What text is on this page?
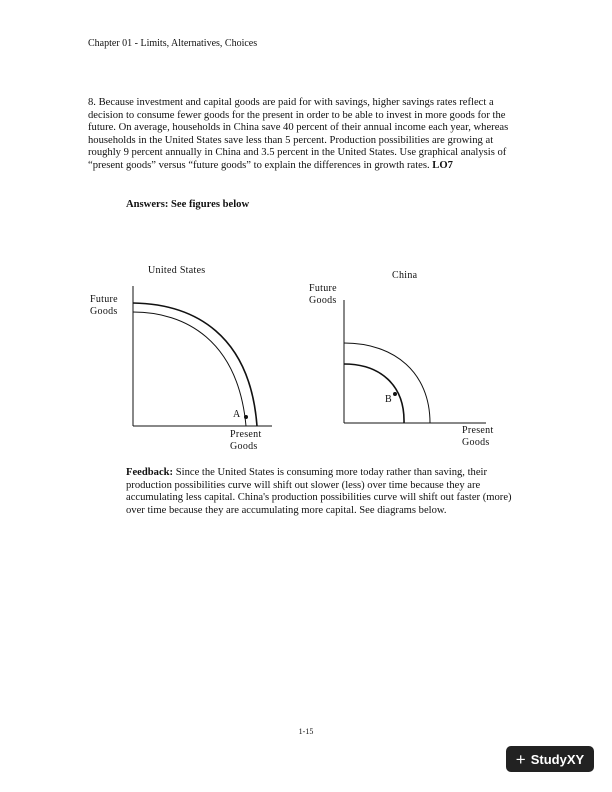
Chapter 01 - Limits, Alternatives, Choices

8. Because investment and capital goods are paid for with savings, higher savings rates reflect a decision to consume fewer goods for the present in order to be able to invest in more goods for the future. On average, households in China save 40 percent of their annual income each year, whereas households in the United States save less than 5 percent. Production possibilities are growing at roughly 9 percent annually in China and 3.5 percent in the United States. Use graphical analysis of “present goods” versus “future goods” to explain the differences in growth rates. LO7

Answers: See figures below
United States
Future
Goods
A
Present
Goods
China
Future
Goods
B
Present
Goods

Feedback: Since the United States is consuming more today rather than saving, their production possibilities curve will shift out slower (less) over time because they are accumulating less capital. China's production possibilities curve will shift out faster (more) over time because they are accumulating more capital. See diagrams below.

1-15
+ StudyXY
